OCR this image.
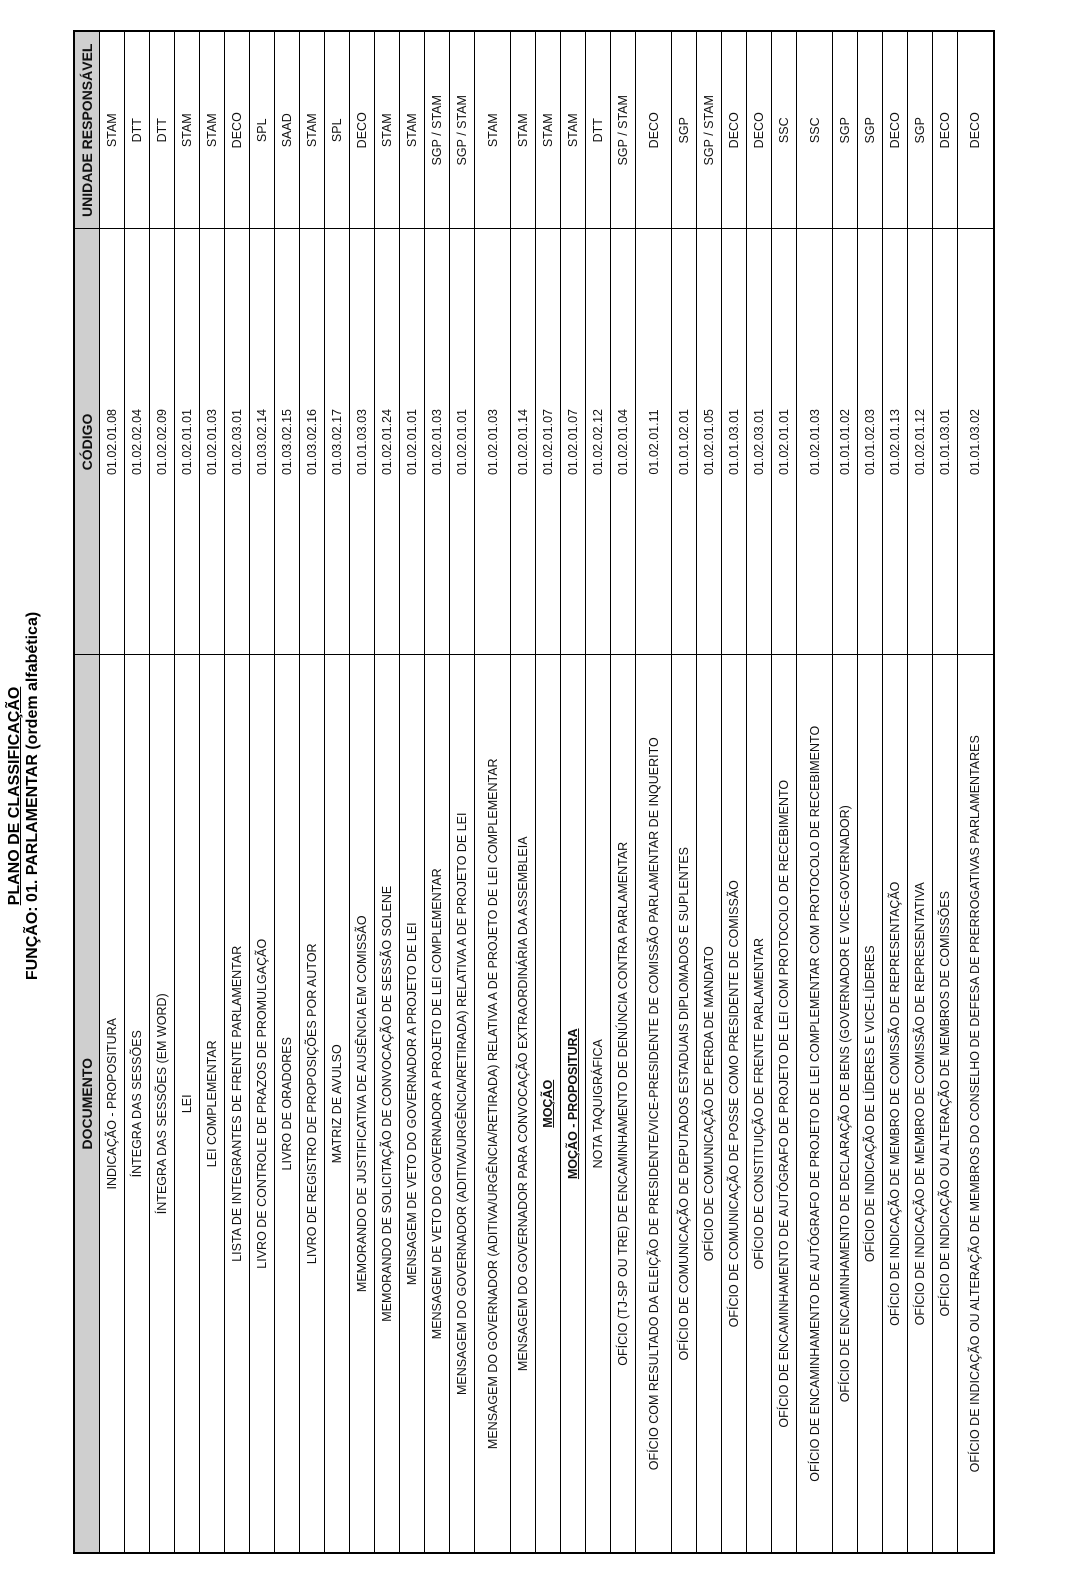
PLANO DE CLASSIFICAÇÃO
FUNÇÃO: 01. PARLAMENTAR (ordem alfabética)
DOCUMENTO	CÓDIGO	UNIDADE RESPONSÁVEL
INDICAÇÃO - PROPOSITURA	01.02.01.08	STAM
ÍNTEGRA DAS SESSÕES	01.02.02.04	DTT
ÍNTEGRA DAS SESSÕES (EM WORD)	01.02.02.09	DTT
LEI	01.02.01.01	STAM
LEI COMPLEMENTAR	01.02.01.03	STAM
LISTA DE INTEGRANTES DE FRENTE PARLAMENTAR	01.02.03.01	DECO
LIVRO DE CONTROLE DE PRAZOS DE PROMULGAÇÃO	01.03.02.14	SPL
LIVRO DE ORADORES	01.03.02.15	SAAD
LIVRO DE REGISTRO DE PROPOSIÇÕES POR AUTOR	01.03.02.16	STAM
MATRIZ DE AVULSO	01.03.02.17	SPL
MEMORANDO DE JUSTIFICATIVA DE AUSÊNCIA EM COMISSÃO	01.01.03.03	DECO
MEMORANDO DE SOLICITAÇÃO DE CONVOCAÇÃO DE SESSÃO SOLENE	01.02.01.24	STAM
MENSAGEM DE VETO DO GOVERNADOR A PROJETO DE LEI	01.02.01.01	STAM
MENSAGEM DE VETO DO GOVERNADOR A PROJETO DE LEI COMPLEMENTAR	01.02.01.03	SGP / STAM
MENSAGEM DO GOVERNADOR (ADITIVA/URGÊNCIA/RETIRADA) RELATIVA A DE PROJETO DE LEI	01.02.01.01	SGP / STAM
MENSAGEM DO GOVERNADOR (ADITIVA/URGÊNCIA/RETIRADA) RELATIVA A DE PROJETO DE LEI COMPLEMENTAR	01.02.01.03	STAM
MENSAGEM DO GOVERNADOR PARA CONVOCAÇÃO EXTRAORDINÁRIA DA ASSEMBLEIA	01.02.01.14	STAM
MOÇÃO	01.02.01.07	STAM
MOÇÃO - PROPOSITURA	01.02.01.07	STAM
NOTA TAQUIGRÁFICA	01.02.02.12	DTT
OFÍCIO (TJ-SP OU TRE) DE ENCAMINHAMENTO DE DENÚNCIA CONTRA PARLAMENTAR	01.02.01.04	SGP / STAM
OFÍCIO COM RESULTADO DA ELEIÇÃO DE PRESIDENTE/VICE-PRESIDENTE DE COMISSÃO PARLAMENTAR DE INQUERITO	01.02.01.11	DECO
OFÍCIO DE COMUNICAÇÃO DE DEPUTADOS ESTADUAIS DIPLOMADOS E SUPLENTES	01.01.02.01	SGP
OFÍCIO DE COMUNICAÇÃO DE PERDA DE MANDATO	01.02.01.05	SGP / STAM
OFÍCIO DE COMUNICAÇÃO DE POSSE COMO PRESIDENTE DE COMISSÃO	01.01.03.01	DECO
OFÍCIO DE CONSTITUIÇÃO DE FRENTE PARLAMENTAR	01.02.03.01	DECO
OFÍCIO DE ENCAMINHAMENTO DE AUTÓGRAFO DE PROJETO DE LEI COM PROTOCOLO DE RECEBIMENTO	01.02.01.01	SSC
OFÍCIO DE ENCAMINHAMENTO DE AUTÓGRAFO DE PROJETO DE LEI COMPLEMENTAR COM PROTOCOLO DE RECEBIMENTO	01.02.01.03	SSC
OFÍCIO DE ENCAMINHAMENTO DE DECLARAÇÃO DE BENS (GOVERNADOR E VICE-GOVERNADOR)	01.01.01.02	SGP
OFÍCIO DE INDICAÇÃO DE LÍDERES E VICE-LÍDERES	01.01.02.03	SGP
OFÍCIO DE INDICAÇÃO DE MEMBRO DE COMISSÃO DE REPRESENTAÇÃO	01.02.01.13	DECO
OFÍCIO DE INDICAÇÃO DE MEMBRO DE COMISSÃO DE REPRESENTATIVA	01.02.01.12	SGP
OFÍCIO DE INDICAÇÃO OU ALTERAÇÃO DE MEMBROS DE COMISSÕES	01.01.03.01	DECO
OFÍCIO DE INDICAÇÃO OU ALTERAÇÃO DE MEMBROS DO CONSELHO DE DEFESA DE PRERROGATIVAS PARLAMENTARES	01.01.03.02	DECO
